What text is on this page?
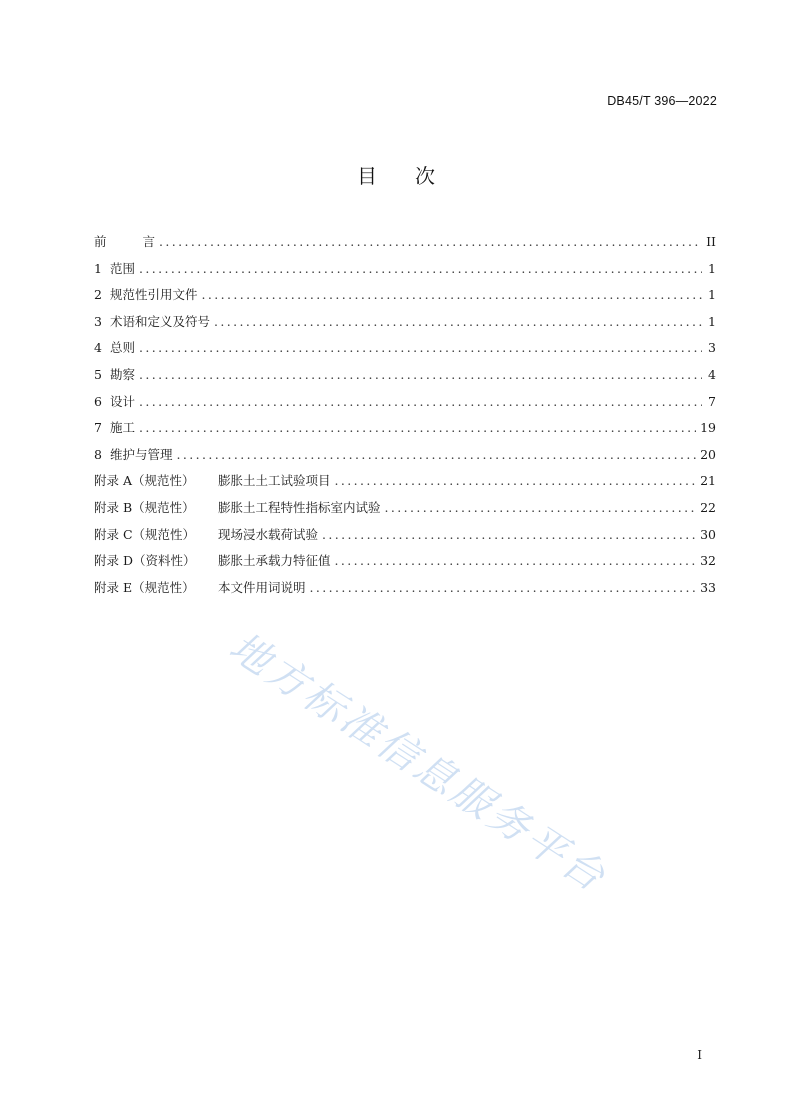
DB45/T 396—2022
目次
前	言 .....	II
1 范围 .....	1
2 规范性引用文件 .....	1
3 术语和定义及符号 .....	1
4 总则 .....	3
5 勘察 .....	4
6 设计 .....	7
7 施工 .....	19
8 维护与管理 .....	20
附录 A（规范性） 膨胀土土工试验项目 .....	21
附录 B（规范性） 膨胀土工程特性指标室内试验 .....	22
附录 C（规范性） 现场浸水载荷试验 .....	30
附录 D（资料性） 膨胀土承载力特征值 .....	32
附录 E（规范性） 本文件用词说明 .....	33
地方标准信息服务平台
I
